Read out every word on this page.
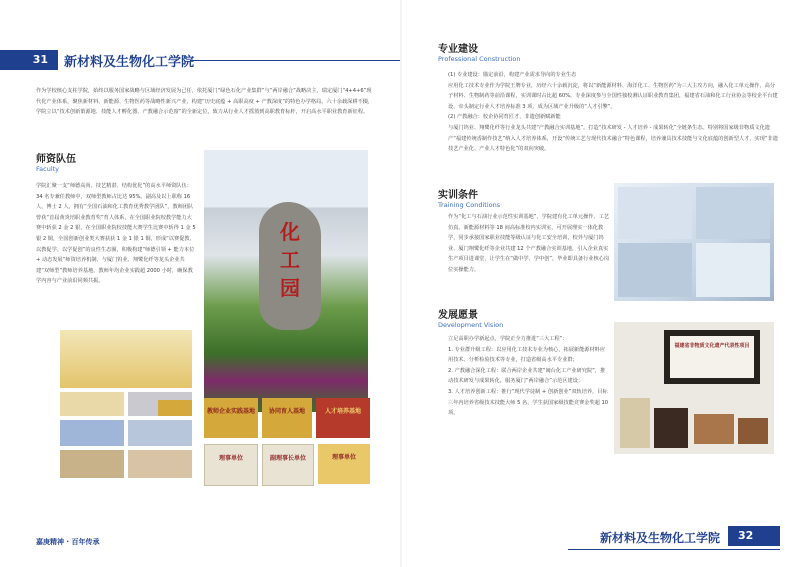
31	新材料及生物化工学院
作为学校核心支柱学院，始终以服务国家战略与区域经济发展为己任，依托厦门“绿色石化产业集群”与“两岸融合”战略决主，瑞定厦门“4+4+6”现代化产业体系，聚焦新材料、新能源、生物医药等战略性新兴产业，构建“历史底蕴 + 高职高度 + 产教深度”的特色办学格局。六十余载深耕不辍，学院立以“技术创新策源地、技能人才孵化器、产教融合示范窗”的全新定位，致力从行业人才摇篮到高职教育标杆，开启高水平职业教育新征程。
师资队伍
Faculty
学院汇聚一支“师德高尚、技艺精湛、结构优化”的高水平师资队伍：34 名专兼任教师中，双师型教师占比达 95%。副高及以上职称 16人，博士 2 人，拥有“全国石油和化工教育优秀教学团队”，教师团队曾获“首届黄炎培职业教育奖”育人体系，在全国职业院校教学能力大赛中斩获 2 金 2 银，在全国职业院校技能大赛学生比赛中斩得 1 金 5 银 2 铜，全国创新创业类大赛获获 1 金 1 银 1 铜，形成“以赛促教、以教促学、以学促创”的良性生态圈，积极构建“师德引领 + 能力本位 + 动态发展”师资培养机制，与厦门钨业、翔鹭化纤等龙头企业共建“双师型”教师培养基地，教师年均企业实践超 2000 小时，确保教学内容与产业前沿同频共振。
化
工
园
教师企业实践基地	协同育人基地	人才培养基地
理事单位	副理事长单位	理事单位
嘉庚精神 · 百年传承
专业建设
Professional Construction
(1) 专业建设：锚定前沿，构建产业需求导向的专业生态
应用化工技术专业作为学院王牌专业，历经六十余载沉淀，将以“新能源材料、海洋化工、生物医药”为三大主攻方向，融入化工单元操作、高分子材料、生物制药等前沿课程，实训课时占比超 60%。专业深度参与全国性独校测认证职业教育集团，福建省石油和化工行业协会等校企平台建设，牵头制定行业人才培养标准 3 项，成为区域产业升级的“人才引擎”。
(2) 产教融合：校企协同育匠才，非遗创新赋新能
与厦门钨业、翔鹭化纤等行业龙头共建“产教融合实训基地”，打造“技术研发 - 人才培养 - 成果转化”全链条生态。特别将国家级非物质文化遗产“福建传统香制作技艺”纳入人才培养体系，开设“传统工艺与现代技术融合”特色课程，培养兼具技术技能与文化底蕴的创新型人才，实现“非遗技艺产业化、产业人才特色化”的双向突破。
实训条件
Training Conditions
作为“化工与石油行业示范性实训基地”，学院建有化工单元操作、工艺仿真、新能源材料等 18 间高标准校内实训室，可开展理实一体化教学，同步承接国家职业技能等级认证与化工安全培训，校外与厦门钨业、厦门翔鹭化纤等企业共建 12 个产教融合实训基地，引入企业真实生产项目进课堂，让学生在“做中学、学中创”，毕业即具备行业核心岗位实操能力。
发展愿景
Development Vision
立足高职办学新起点，学院正全力推进“三大工程”：
1. 专业群升级工程：以应用化工技术专业为核心，拓展新能源材料应用技术、分析检验技术等专业，打造省级高水平专业群；
2. 产教融合深化工程：联合两岸企业共建“闽台化工产业研究院”，推动技术研发与成果转化，服务厦门“两岸融合”示范区建设；
3. 人才培养创新工程：推行“现代学徒制 + 创新创业”双轨培养，目标三年内培养省级技术技能大师 5 名，学生获国家级技能竞赛金奖超 10 项。
福建省非物质文化遗产代表性项目
新材料及生物化工学院	32
